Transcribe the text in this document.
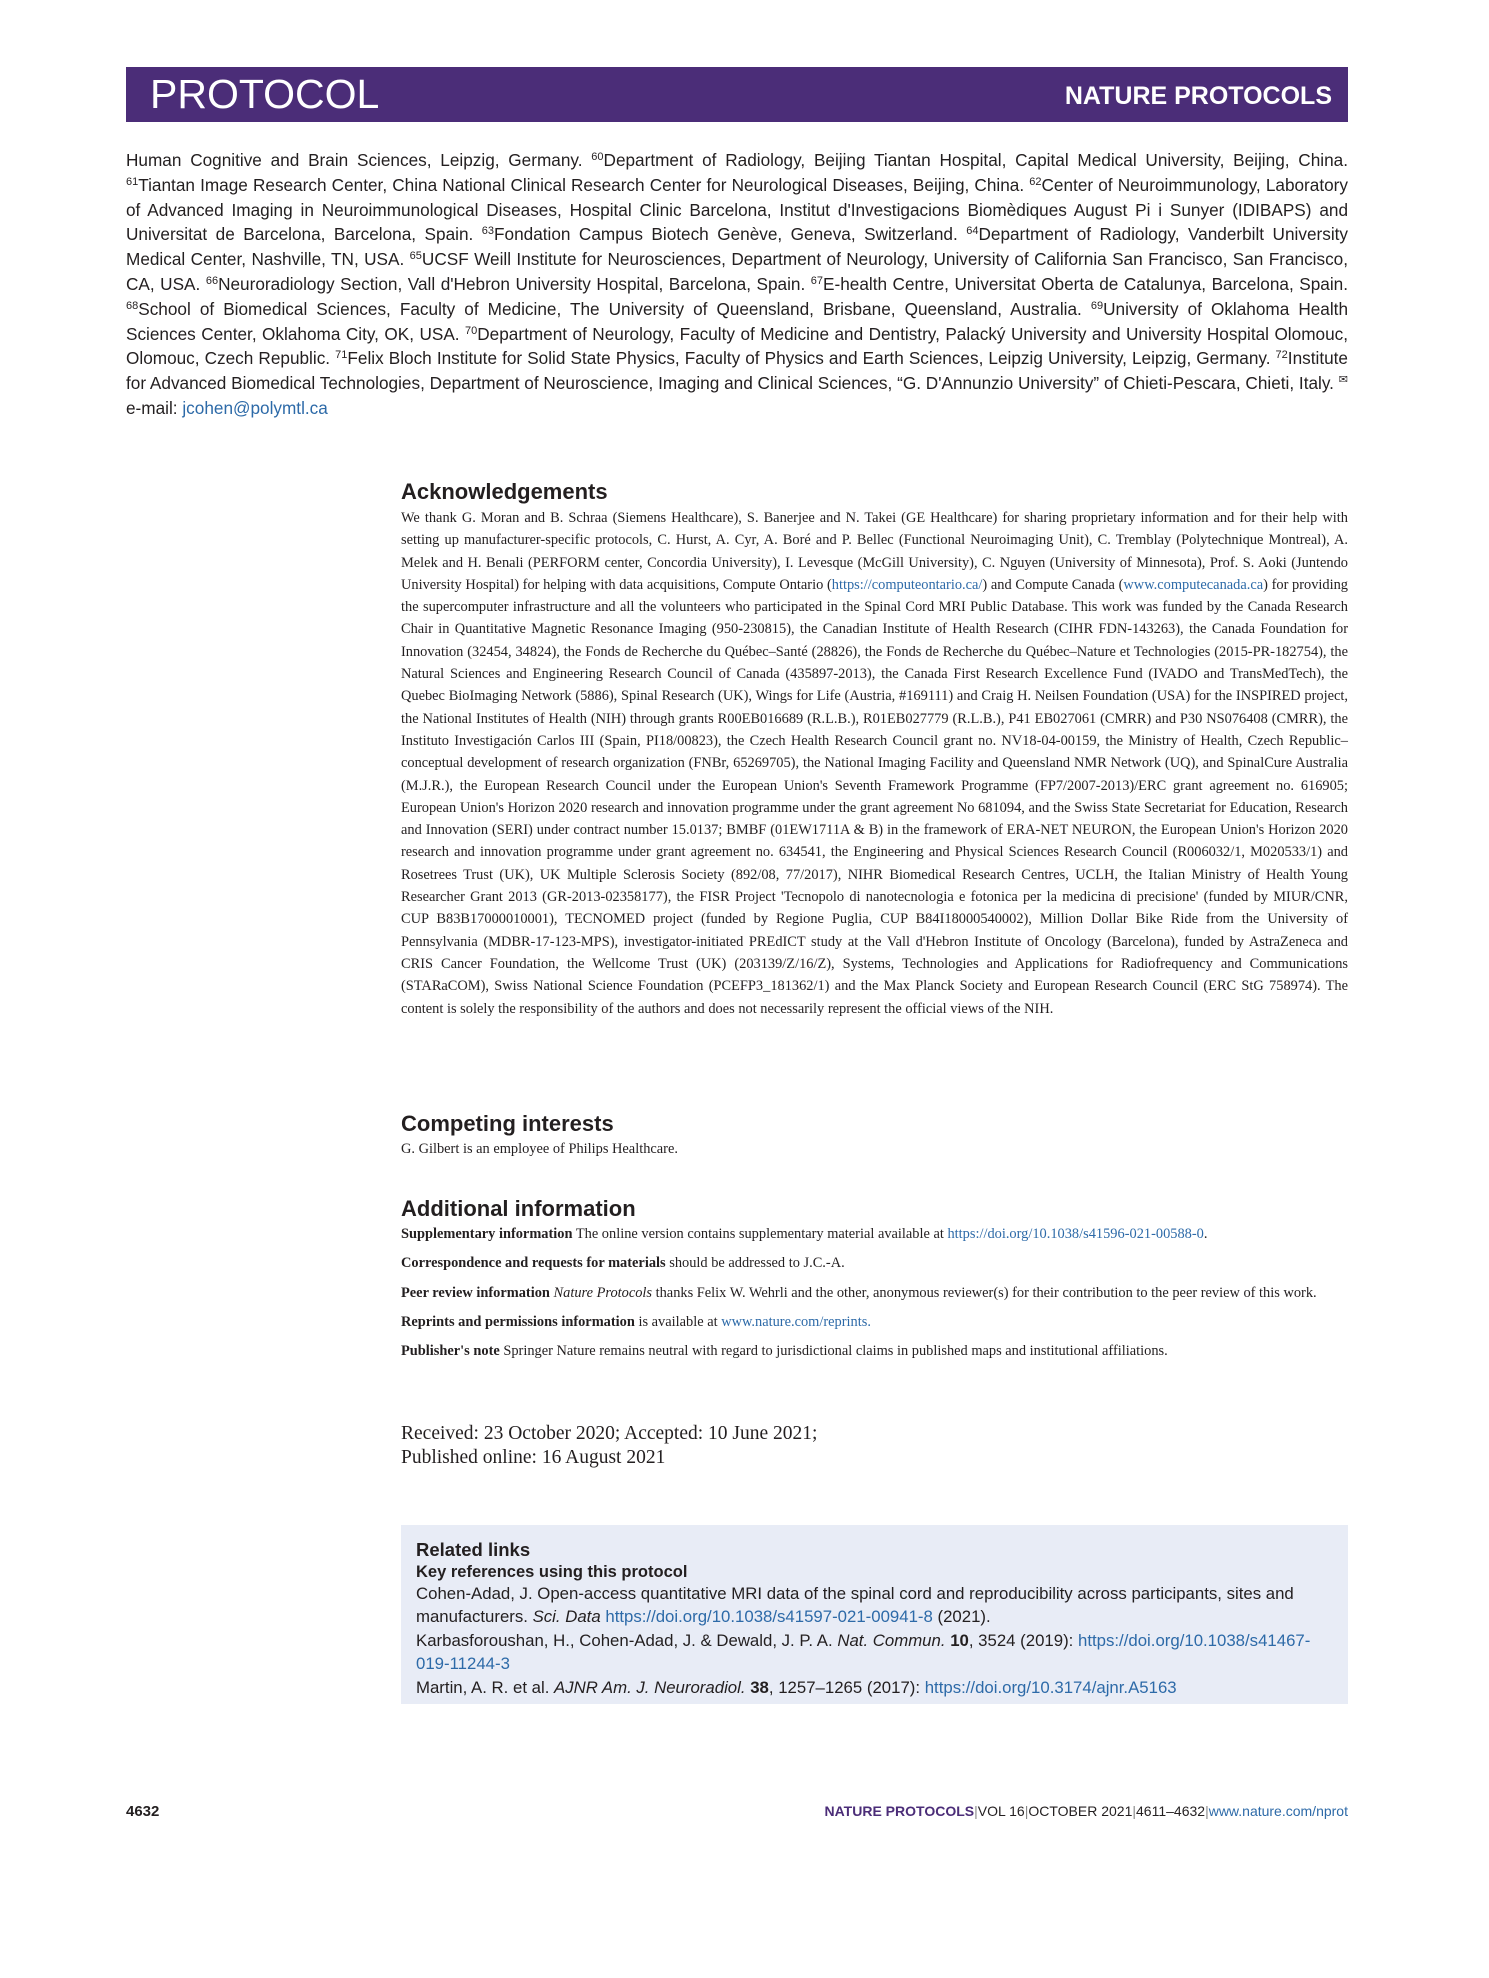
PROTOCOL	NATURE PROTOCOLS
Human Cognitive and Brain Sciences, Leipzig, Germany. $^{60}$Department of Radiology, Beijing Tiantan Hospital, Capital Medical University, Beijing, China. $^{61}$Tiantan Image Research Center, China National Clinical Research Center for Neurological Diseases, Beijing, China. $^{62}$Center of Neuroimmunology, Laboratory of Advanced Imaging in Neuroimmunological Diseases, Hospital Clinic Barcelona, Institut d'Investigacions Biomèdiques August Pi i Sunyer (IDIBAPS) and Universitat de Barcelona, Barcelona, Spain. $^{63}$Fondation Campus Biotech Genève, Geneva, Switzerland. $^{64}$Department of Radiology, Vanderbilt University Medical Center, Nashville, TN, USA. $^{65}$UCSF Weill Institute for Neurosciences, Department of Neurology, University of California San Francisco, San Francisco, CA, USA. $^{66}$Neuroradiology Section, Vall d'Hebron University Hospital, Barcelona, Spain. $^{67}$E-health Centre, Universitat Oberta de Catalunya, Barcelona, Spain. $^{68}$School of Biomedical Sciences, Faculty of Medicine, The University of Queensland, Brisbane, Queensland, Australia. $^{69}$University of Oklahoma Health Sciences Center, Oklahoma City, OK, USA. $^{70}$Department of Neurology, Faculty of Medicine and Dentistry, Palacký University and University Hospital Olomouc, Olomouc, Czech Republic. $^{71}$Felix Bloch Institute for Solid State Physics, Faculty of Physics and Earth Sciences, Leipzig University, Leipzig, Germany. $^{72}$Institute for Advanced Biomedical Technologies, Department of Neuroscience, Imaging and Clinical Sciences, “G. D'Annunzio University” of Chieti-Pescara, Chieti, Italy. ✉e-mail: jcohen@polymtl.ca
Acknowledgements

We thank G. Moran and B. Schraa (Siemens Healthcare), S. Banerjee and N. Takei (GE Healthcare) for sharing proprietary information and for their help with setting up manufacturer-specific protocols, C. Hurst, A. Cyr, A. Boré and P. Bellec (Functional Neuroimaging Unit), C. Tremblay (Polytechnique Montreal), A. Melek and H. Benali (PERFORM center, Concordia University), I. Levesque (McGill University), C. Nguyen (University of Minnesota), Prof. S. Aoki (Juntendo University Hospital) for helping with data acquisitions, Compute Ontario (https://computeontario.ca/) and Compute Canada (www.computecanada.ca) for providing the supercomputer infrastructure and all the volunteers who participated in the Spinal Cord MRI Public Database. This work was funded by the Canada Research Chair in Quantitative Magnetic Resonance Imaging (950-230815), the Canadian Institute of Health Research (CIHR FDN-143263), the Canada Foundation for Innovation (32454, 34824), the Fonds de Recherche du Québec–Santé (28826), the Fonds de Recherche du Québec–Nature et Technologies (2015-PR-182754), the Natural Sciences and Engineering Research Council of Canada (435897-2013), the Canada First Research Excellence Fund (IVADO and TransMedTech), the Quebec BioImaging Network (5886), Spinal Research (UK), Wings for Life (Austria, #169111) and Craig H. Neilsen Foundation (USA) for the INSPIRED project, the National Institutes of Health (NIH) through grants R00EB016689 (R.L.B.), R01EB027779 (R.L.B.), P41 EB027061 (CMRR) and P30 NS076408 (CMRR), the Instituto Investigación Carlos III (Spain, PI18/00823), the Czech Health Research Council grant no. NV18-04-00159, the Ministry of Health, Czech Republic–conceptual development of research organization (FNBr, 65269705), the National Imaging Facility and Queensland NMR Network (UQ), and SpinalCure Australia (M.J.R.), the European Research Council under the European Union's Seventh Framework Programme (FP7/2007-2013)/ERC grant agreement no. 616905; European Union's Horizon 2020 research and innovation programme under the grant agreement No 681094, and the Swiss State Secretariat for Education, Research and Innovation (SERI) under contract number 15.0137; BMBF (01EW1711A & B) in the framework of ERA-NET NEURON, the European Union's Horizon 2020 research and innovation programme under grant agreement no. 634541, the Engineering and Physical Sciences Research Council (R006032/1, M020533/1) and Rosetrees Trust (UK), UK Multiple Sclerosis Society (892/08, 77/2017), NIHR Biomedical Research Centres, UCLH, the Italian Ministry of Health Young Researcher Grant 2013 (GR-2013-02358177), the FISR Project 'Tecnopolo di nanotecnologia e fotonica per la medicina di precisione' (funded by MIUR/CNR, CUP B83B17000010001), TECNOMED project (funded by Regione Puglia, CUP B84I18000540002), Million Dollar Bike Ride from the University of Pennsylvania (MDBR-17-123-MPS), investigator-initiated PREdICT study at the Vall d'Hebron Institute of Oncology (Barcelona), funded by AstraZeneca and CRIS Cancer Foundation, the Wellcome Trust (UK) (203139/Z/16/Z), Systems, Technologies and Applications for Radiofrequency and Communications (STARaCOM), Swiss National Science Foundation (PCEFP3_181362/1) and the Max Planck Society and European Research Council (ERC StG 758974). The content is solely the responsibility of the authors and does not necessarily represent the official views of the NIH.

Competing interests

G. Gilbert is an employee of Philips Healthcare.

Additional information

Supplementary information The online version contains supplementary material available at https://doi.org/10.1038/s41596-021-00588-0.

Correspondence and requests for materials should be addressed to J.C.-A.

Peer review information Nature Protocols thanks Felix W. Wehrli and the other, anonymous reviewer(s) for their contribution to the peer review of this work.

Reprints and permissions information is available at www.nature.com/reprints.

Publisher's note Springer Nature remains neutral with regard to jurisdictional claims in published maps and institutional affiliations.

Received: 23 October 2020; Accepted: 10 June 2021;
Published online: 16 August 2021
Related links
Key references using this protocol
Cohen-Adad, J. Open-access quantitative MRI data of the spinal cord and reproducibility across participants, sites and manufacturers. Sci. Data https://doi.org/10.1038/s41597-021-00941-8 (2021).
Karbasforoushan, H., Cohen-Adad, J. & Dewald, J. P. A. Nat. Commun. 10, 3524 (2019): https://doi.org/10.1038/s41467-019-11244-3
Martin, A. R. et al. AJNR Am. J. Neuroradiol. 38, 1257–1265 (2017): https://doi.org/10.3174/ajnr.A5163
4632	NATURE PROTOCOLS|VOL 16|OCTOBER 2021|4611–4632|www.nature.com/nprot
